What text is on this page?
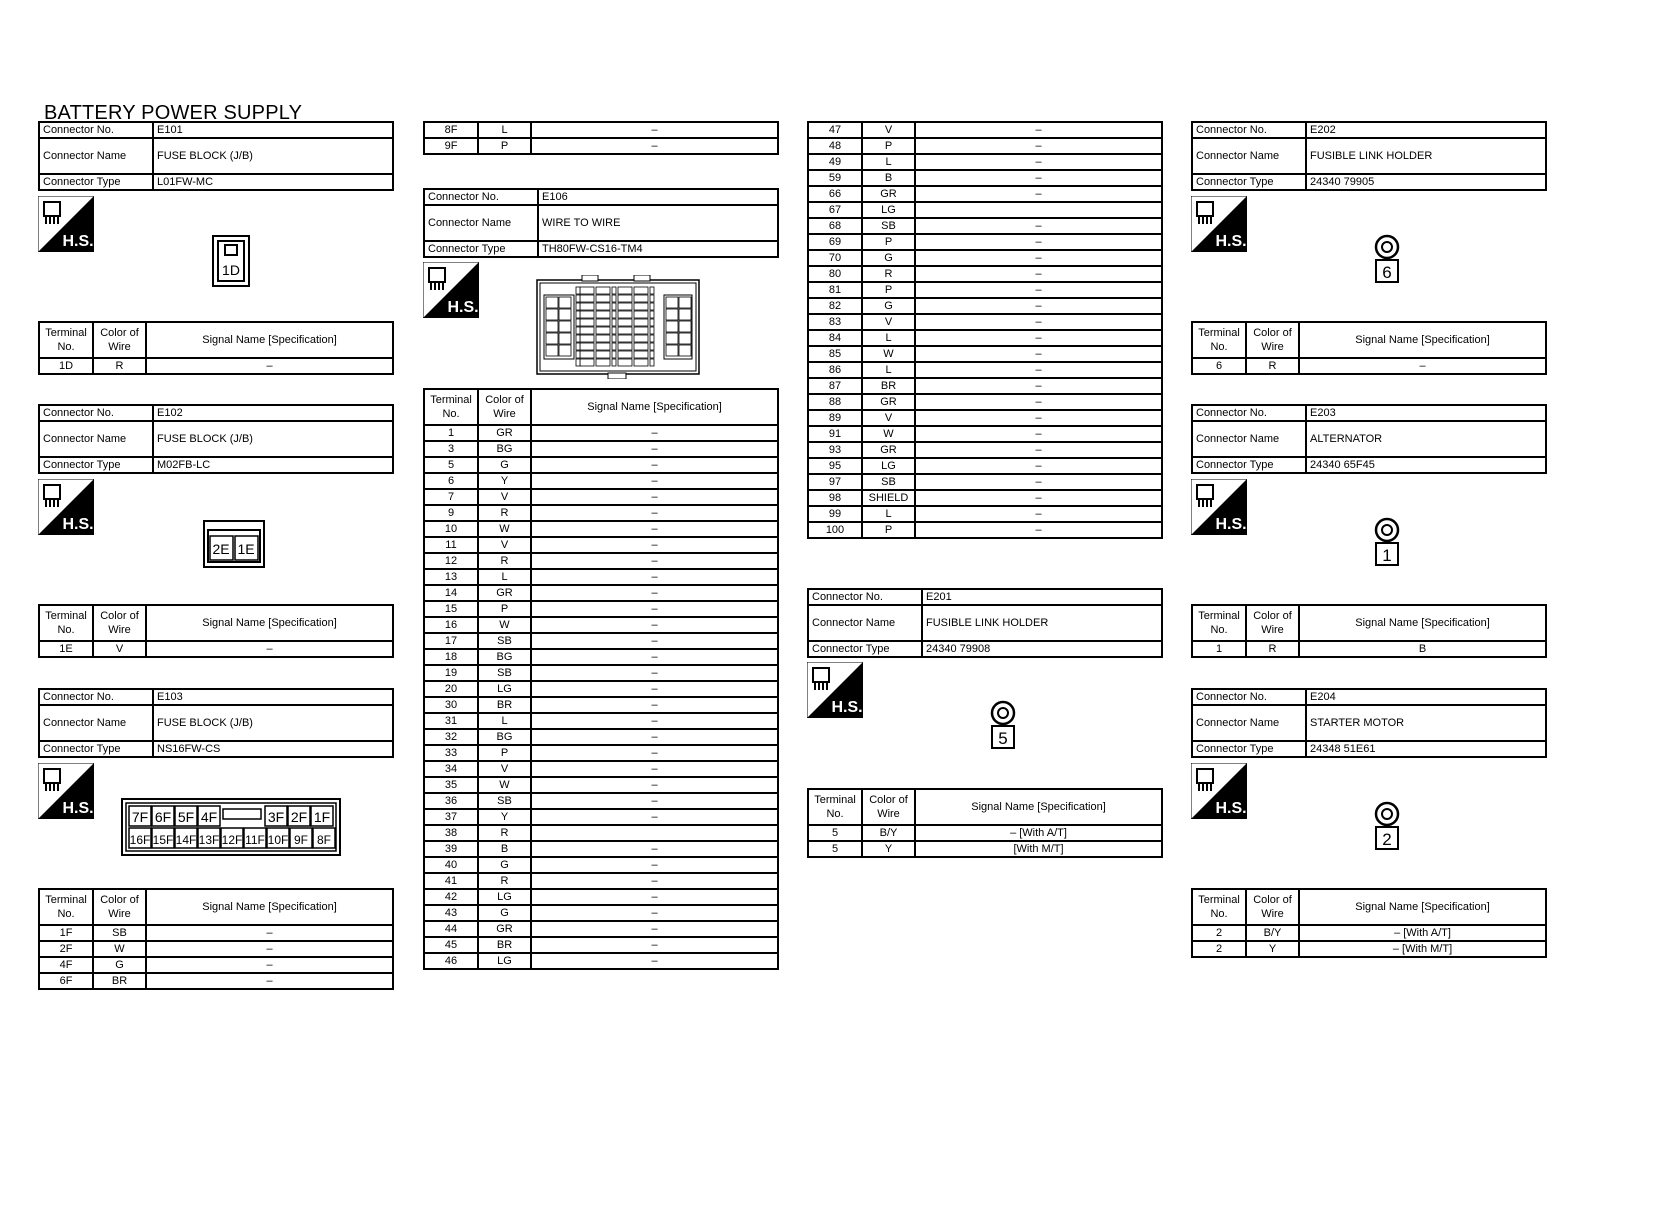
BATTERY POWER SUPPLY
Connector No.	E101
Connector Name	FUSE BLOCK (J/B)
Connector Type	L01FW-MC
H.S.
1D
Terminal No.	Color of Wire	Signal Name [Specification]
1D	R	–
Connector No.	E102
Connector Name	FUSE BLOCK (J/B)
Connector Type	M02FB-LC
H.S.
2E 1E
Terminal No.	Color of Wire	Signal Name [Specification]
1E	V	–
Connector No.	E103
Connector Name	FUSE BLOCK (J/B)
Connector Type	NS16FW-CS
H.S.	7F 6F 5F 4F	3F 2F 1F
16F 15F 14F 13F 12F 11F 10F 9F 8F
Terminal No.	Color of Wire	Signal Name [Specification]
1F	SB	–
2F	W	–
4F	G	–
6F	BR	–
8F	L	–
9F	P	–
Connector No.	E106
Connector Name	WIRE TO WIRE
Connector Type	TH80FW-CS16-TM4
H.S.
Terminal No.	Color of Wire	Signal Name [Specification]
1	GR	–
3	BG	–
5	G	–
6	Y	–
7	V	–
9	R	–
10	W	–
11	V	–
12	R	–
13	L	–
14	GR	–
15	P	–
16	W	–
17	SB	–
18	BG	–
19	SB	–
20	LG	–
30	BR	–
31	L	–
32	BG	–
33	P	–
34	V	–
35	W	–
36	SB	–
37	Y	–
38	R	
39	B	–
40	G	–
41	R	–
42	LG	–
43	G	–
44	GR	–
45	BR	–
46	LG	–
47	V	–
48	P	–
49	L	–
59	B	–
66	GR	–
67	LG	
68	SB	–
69	P	–
70	G	–
80	R	–
81	P	–
82	G	–
83	V	–
84	L	–
85	W	–
86	L	–
87	BR	–
88	GR	–
89	V	–
91	W	–
93	GR	–
95	LG	–
97	SB	–
98	SHIELD	–
99	L	–
100	P	–
Connector No.	E201
Connector Name	FUSIBLE LINK HOLDER
Connector Type	24340 79908
H.S.
5
Terminal No.	Color of Wire	Signal Name [Specification]
5	B/Y	– [With A/T]
5	Y	[With M/T]
Connector No.	E202
Connector Name	FUSIBLE LINK HOLDER
Connector Type	24340 79905
H.S.
6
Terminal No.	Color of Wire	Signal Name [Specification]
6	R	–
Connector No.	E203
Connector Name	ALTERNATOR
Connector Type	24340 65F45
H.S.
1
Terminal No.	Color of Wire	Signal Name [Specification]
1	R	B
Connector No.	E204
Connector Name	STARTER MOTOR
Connector Type	24348 51E61
H.S.
2
Terminal No.	Color of Wire	Signal Name [Specification]
2	B/Y	– [With A/T]
2	Y	– [With M/T]
